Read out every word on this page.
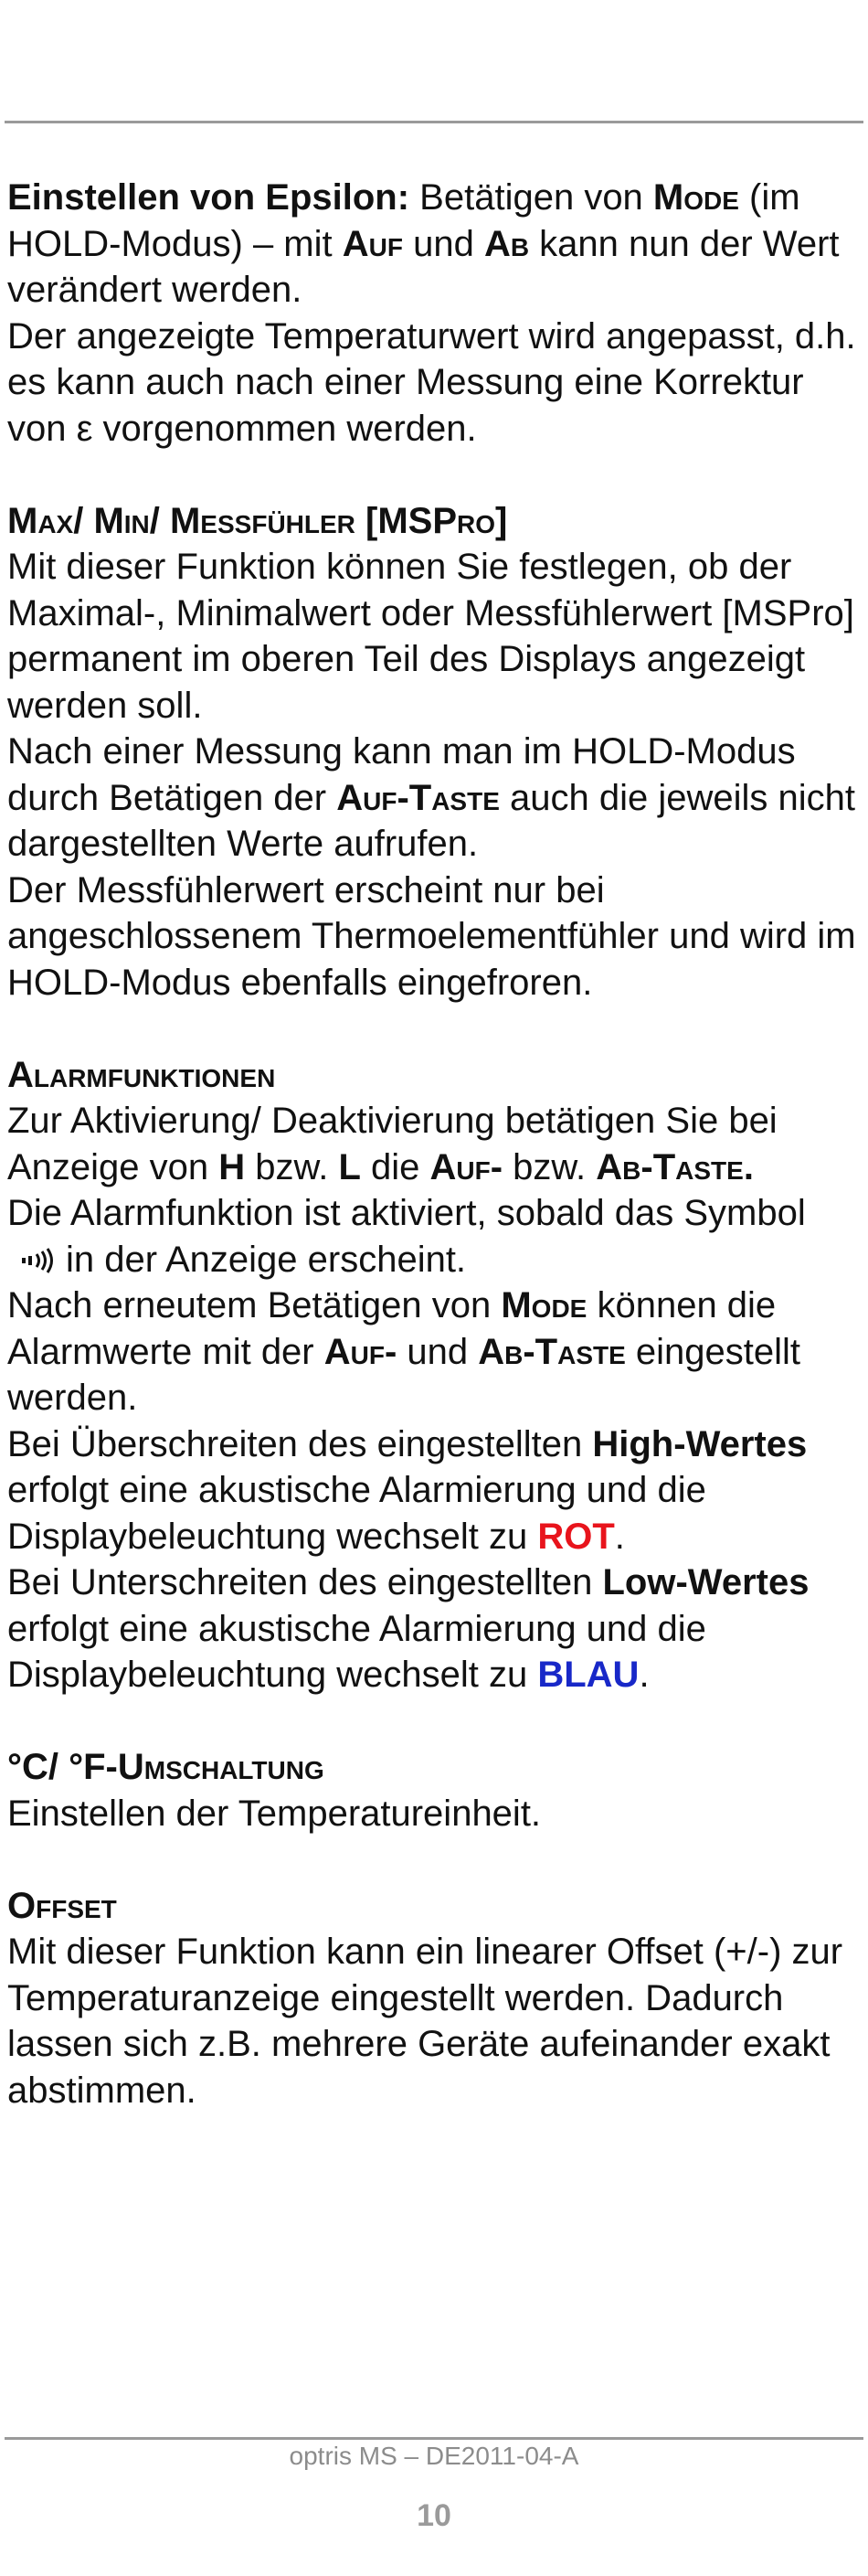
Einstellen von Epsilon: Betätigen von Mode (im HOLD-Modus) – mit Auf und Ab kann nun der Wert verändert werden.

Der angezeigte Temperaturwert wird angepasst, d.h. es kann auch nach einer Messung eine Korrektur von ε vorgenommen werden.

Max/ Min/ Messfühler [MSPro]

Mit dieser Funktion können Sie festlegen, ob der Maximal-, Minimalwert oder Messfühlerwert [MSPro] permanent im oberen Teil des Displays angezeigt werden soll.

Nach einer Messung kann man im HOLD-Modus durch Betätigen der Auf-Taste auch die jeweils nicht dargestellten Werte aufrufen.

Der Messfühlerwert erscheint nur bei angeschlossenem Thermoelementfühler und wird im HOLD-Modus ebenfalls eingefroren.

Alarmfunktionen

Zur Aktivierung/ Deaktivierung betätigen Sie bei Anzeige von H bzw. L die Auf- bzw. Ab-Taste.

Die Alarmfunktion ist aktiviert, sobald das Symbolin der Anzeige erscheint.

Nach erneutem Betätigen von Mode können die Alarmwerte mit der Auf- und Ab-Taste eingestellt werden.

Bei Überschreiten des eingestellten High-Wertes erfolgt eine akustische Alarmierung und die Displaybeleuchtung wechselt zu ROT.

Bei Unterschreiten des eingestellten Low-Wertes erfolgt eine akustische Alarmierung und die Displaybeleuchtung wechselt zu BLAU.

°C/ °F-Umschaltung

Einstellen der Temperatureinheit.

Offset

Mit dieser Funktion kann ein linearer Offset (+/-) zur Temperaturanzeige eingestellt werden. Dadurch lassen sich z.B. mehrere Geräte aufeinander exakt abstimmen.

optris MS – DE2011-04-A
10
